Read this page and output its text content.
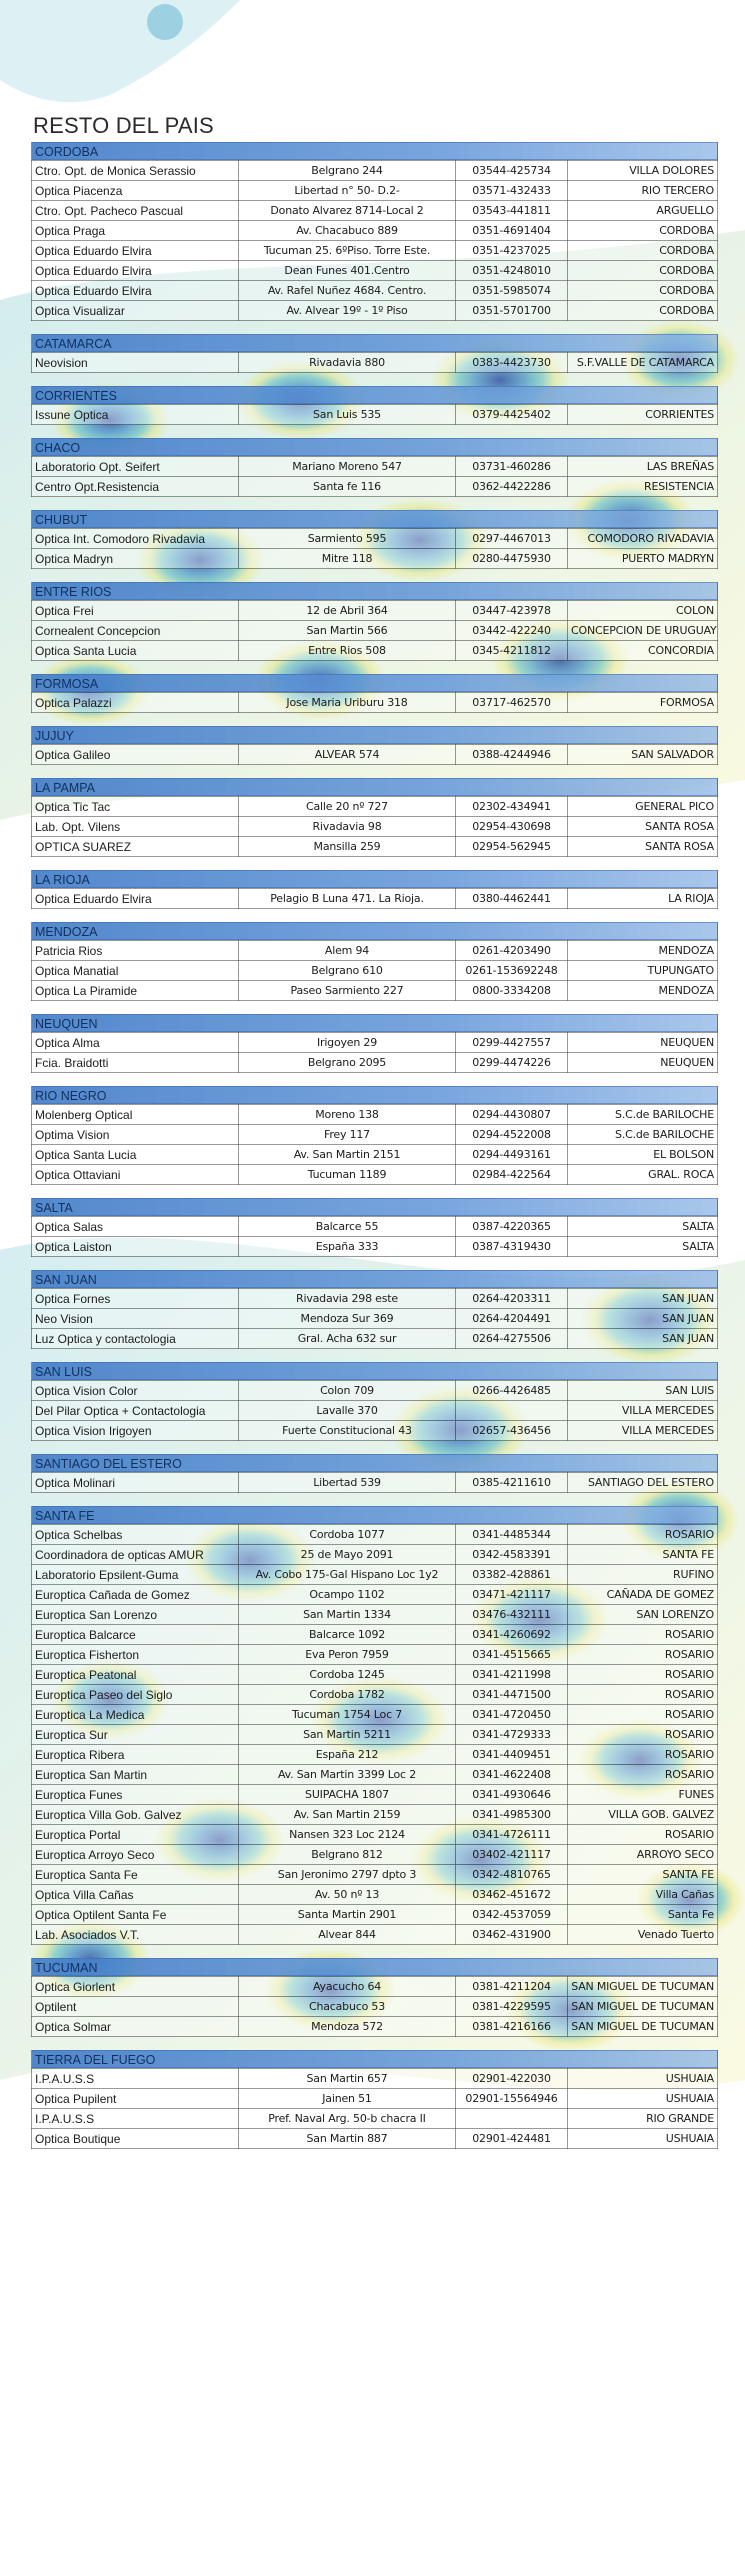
RESTO DEL PAIS
CORDOBA
Ctro. Opt. de Monica Serassio	Belgrano 244	03544-425734	VILLA DOLORES
Optica Piacenza	Libertad n° 50- D.2-	03571-432433	RIO TERCERO
Ctro. Opt. Pacheco Pascual	Donato Alvarez 8714-Local 2	03543-441811	ARGUELLO
Optica Praga	Av. Chacabuco 889	0351-4691404	CORDOBA
Optica Eduardo Elvira	Tucuman 25. 6ºPiso. Torre Este.	0351-4237025	CORDOBA
Optica Eduardo Elvira	Dean Funes 401.Centro	0351-4248010	CORDOBA
Optica Eduardo Elvira	Av. Rafel Nuñez 4684. Centro.	0351-5985074	CORDOBA
Optica Visualizar	Av. Alvear 19º - 1º Piso	0351-5701700	CORDOBA
CATAMARCA
Neovision	Rivadavia 880	0383-4423730	S.F.VALLE DE CATAMARCA
CORRIENTES
Issune Optica	San Luis 535	0379-4425402	CORRIENTES
CHACO
Laboratorio Opt. Seifert	Mariano Moreno 547	03731-460286	LAS BREÑAS
Centro Opt.Resistencia	Santa fe 116	0362-4422286	RESISTENCIA
CHUBUT
Optica Int. Comodoro Rivadavia	Sarmiento 595	0297-4467013	COMODORO RIVADAVIA
Optica Madryn	Mitre 118	0280-4475930	PUERTO MADRYN
ENTRE RIOS
Optica Frei	12 de Abril 364	03447-423978	COLON
Cornealent Concepcion	San Martin 566	03442-422240	CONCEPCION DE URUGUAY
Optica Santa Lucia	Entre Rios 508	0345-4211812	CONCORDIA
FORMOSA
Optica Palazzi	Jose Maria Uriburu 318	03717-462570	FORMOSA
JUJUY
Optica Galileo	ALVEAR 574	0388-4244946	SAN SALVADOR
LA PAMPA
Optica Tic Tac	Calle 20 nº 727	02302-434941	GENERAL PICO
Lab. Opt. Vilens	Rivadavia 98	02954-430698	SANTA ROSA
OPTICA SUAREZ	Mansilla 259	02954-562945	SANTA ROSA
LA RIOJA
Optica Eduardo Elvira	Pelagio B Luna 471. La Rioja.	0380-4462441	LA RIOJA
MENDOZA
Patricia Rios	Alem 94	0261-4203490	MENDOZA
Optica Manatial	Belgrano 610	0261-153692248	TUPUNGATO
Optica La Piramide	Paseo Sarmiento 227	0800-3334208	MENDOZA
NEUQUEN
Optica Alma	Irigoyen 29	0299-4427557	NEUQUEN
Fcia. Braidotti	Belgrano 2095	0299-4474226	NEUQUEN
RIO NEGRO
Molenberg Optical	Moreno 138	0294-4430807	S.C.de BARILOCHE
Optima Vision	Frey 117	0294-4522008	S.C.de BARILOCHE
Optica Santa Lucia	Av. San Martin 2151	0294-4493161	EL BOLSON
Optica Ottaviani	Tucuman 1189	02984-422564	GRAL. ROCA
SALTA
Optica Salas	Balcarce 55	0387-4220365	SALTA
Optica Laiston	España 333	0387-4319430	SALTA
SAN JUAN
Optica Fornes	Rivadavia 298 este	0264-4203311	SAN JUAN
Neo Vision	Mendoza Sur 369	0264-4204491	SAN JUAN
Luz Optica y contactologia	Gral. Acha 632 sur	0264-4275506	SAN JUAN
SAN LUIS
Optica Vision Color	Colon 709	0266-4426485	SAN LUIS
Del Pilar Optica + Contactologia	Lavalle 370		VILLA MERCEDES
Optica Vision Irigoyen	Fuerte Constitucional 43	02657-436456	VILLA MERCEDES
SANTIAGO DEL ESTERO
Optica Molinari	Libertad 539	0385-4211610	SANTIAGO DEL ESTERO
SANTA FE
Optica Schelbas	Cordoba 1077	0341-4485344	ROSARIO
Coordinadora de opticas AMUR	25 de Mayo 2091	0342-4583391	SANTA FE
Laboratorio Epsilent-Guma	Av. Cobo 175-Gal Hispano Loc 1y2	03382-428861	RUFINO
Europtica Cañada de Gomez	Ocampo 1102	03471-421117	CAÑADA DE GOMEZ
Europtica San Lorenzo	San Martin 1334	03476-432111	SAN LORENZO
Europtica Balcarce	Balcarce 1092	0341-4260692	ROSARIO
Europtica Fisherton	Eva Peron 7959	0341-4515665	ROSARIO
Europtica Peatonal	Cordoba 1245	0341-4211998	ROSARIO
Europtica Paseo del Siglo	Cordoba 1782	0341-4471500	ROSARIO
Europtica La Medica	Tucuman 1754 Loc 7	0341-4720450	ROSARIO
Europtica Sur	San Martin 5211	0341-4729333	ROSARIO
Europtica Ribera	España 212	0341-4409451	ROSARIO
Europtica San Martin	Av. San Martin 3399 Loc 2	0341-4622408	ROSARIO
Europtica Funes	SUIPACHA 1807	0341-4930646	FUNES
Europtica Villa Gob. Galvez	Av. San Martin 2159	0341-4985300	VILLA GOB. GALVEZ
Europtica Portal	Nansen 323 Loc 2124	0341-4726111	ROSARIO
Europtica Arroyo Seco	Belgrano 812	03402-421117	ARROYO SECO
Europtica Santa Fe	San Jeronimo 2797 dpto 3	0342-4810765	SANTA FE
Optica Villa Cañas	Av. 50 nº 13	03462-451672	Villa Cañas
Optica Optilent Santa Fe	Santa Martin 2901	0342-4537059	Santa Fe
Lab. Asociados V.T.	Alvear 844	03462-431900	Venado Tuerto
TUCUMAN
Optica Giorlent	Ayacucho 64	0381-4211204	SAN MIGUEL DE TUCUMAN
Optilent	Chacabuco 53	0381-4229595	SAN MIGUEL DE TUCUMAN
Optica Solmar	Mendoza 572	0381-4216166	SAN MIGUEL DE TUCUMAN
TIERRA DEL FUEGO
I.P.A.U.S.S	San Martin 657	02901-422030	USHUAIA
Optica Pupilent	Jainen 51	02901-15564946	USHUAIA
I.P.A.U.S.S	Pref. Naval Arg. 50-b chacra II		RIO GRANDE
Optica Boutique	San Martin 887	02901-424481	USHUAIA
